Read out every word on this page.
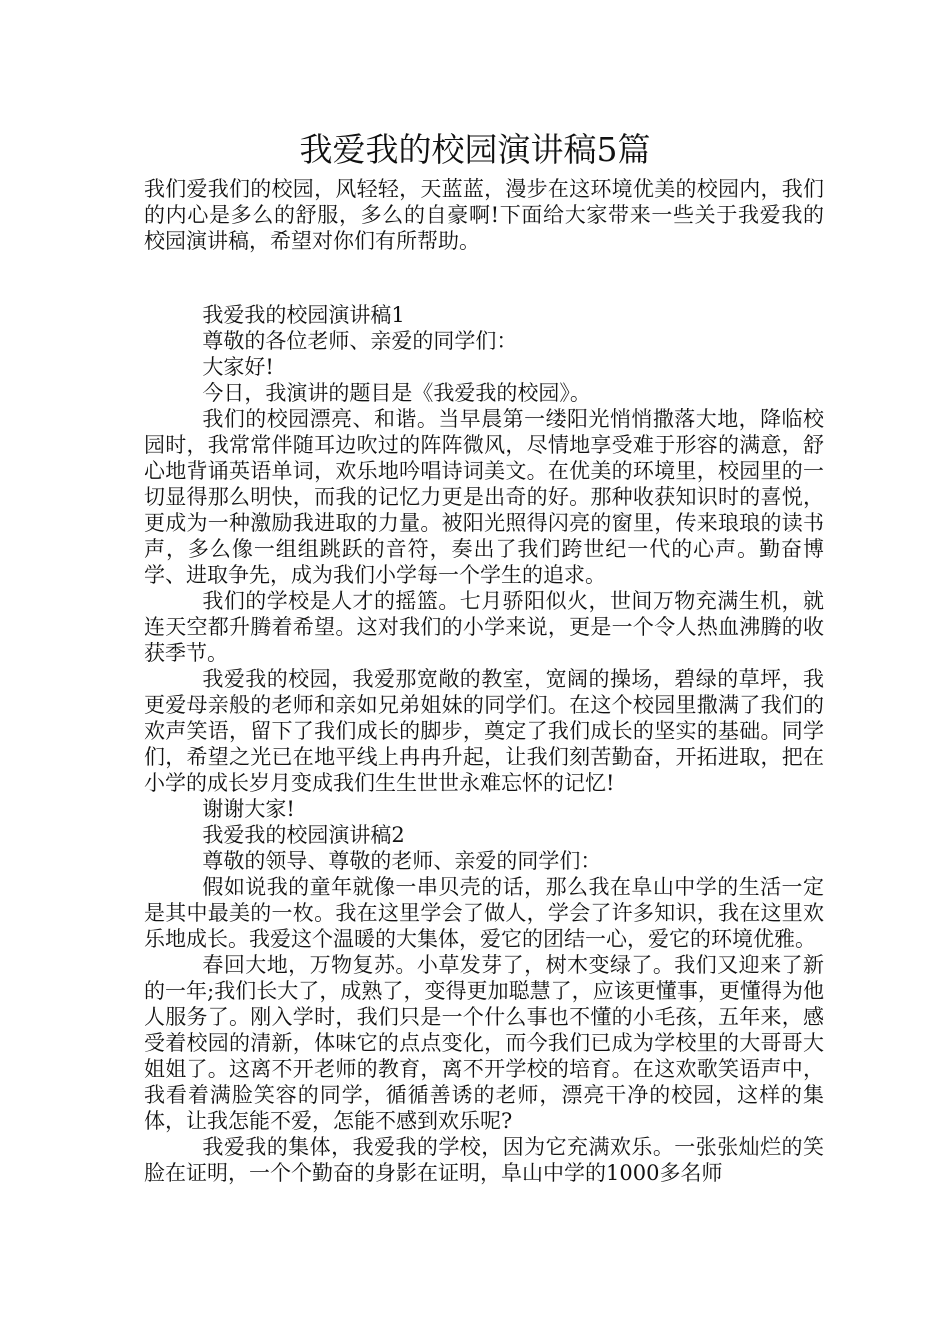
我爱我的校园演讲稿5篇

我们爱我们的校园，风轻轻，天蓝蓝，漫步在这环境优美的校园内，我们的内心是多么的舒服，多么的自豪啊!下面给大家带来一些关于我爱我的校园演讲稿，希望对你们有所帮助。

我爱我的校园演讲稿1

尊敬的各位老师、亲爱的同学们：

大家好!

今日，我演讲的题目是《我爱我的校园》。

我们的校园漂亮、和谐。当早晨第一缕阳光悄悄撒落大地，降临校园时，我常常伴随耳边吹过的阵阵微风，尽情地享受难于形容的满意，舒心地背诵英语单词，欢乐地吟唱诗词美文。在优美的环境里，校园里的一切显得那么明快，而我的记忆力更是出奇的好。那种收获知识时的喜悦，更成为一种激励我进取的力量。被阳光照得闪亮的窗里，传来琅琅的读书声，多么像一组组跳跃的音符，奏出了我们跨世纪一代的心声。勤奋博学、进取争先，成为我们小学每一个学生的追求。

我们的学校是人才的摇篮。七月骄阳似火，世间万物充满生机，就连天空都升腾着希望。这对我们的小学来说，更是一个令人热血沸腾的收获季节。

我爱我的校园，我爱那宽敞的教室，宽阔的操场，碧绿的草坪，我更爱母亲般的老师和亲如兄弟姐妹的同学们。在这个校园里撒满了我们的欢声笑语，留下了我们成长的脚步，奠定了我们成长的坚实的基础。同学们，希望之光已在地平线上冉冉升起，让我们刻苦勤奋，开拓进取，把在小学的成长岁月变成我们生生世世永难忘怀的记忆!

谢谢大家!

我爱我的校园演讲稿2

尊敬的领导、尊敬的老师、亲爱的同学们：

假如说我的童年就像一串贝壳的话，那么我在阜山中学的生活一定是其中最美的一枚。我在这里学会了做人，学会了许多知识，我在这里欢乐地成长。我爱这个温暖的大集体，爱它的团结一心，爱它的环境优雅。

春回大地，万物复苏。小草发芽了，树木变绿了。我们又迎来了新的一年;我们长大了，成熟了，变得更加聪慧了，应该更懂事，更懂得为他人服务了。刚入学时，我们只是一个什么事也不懂的小毛孩，五年来，感受着校园的清新，体味它的点点变化，而今我们已成为学校里的大哥哥大姐姐了。这离不开老师的教育，离不开学校的培育。在这欢歌笑语声中，我看着满脸笑容的同学，循循善诱的老师，漂亮干净的校园，这样的集体，让我怎能不爱，怎能不感到欢乐呢?

我爱我的集体，我爱我的学校，因为它充满欢乐。一张张灿烂的笑脸在证明，一个个勤奋的身影在证明，阜山中学的1000多名师
